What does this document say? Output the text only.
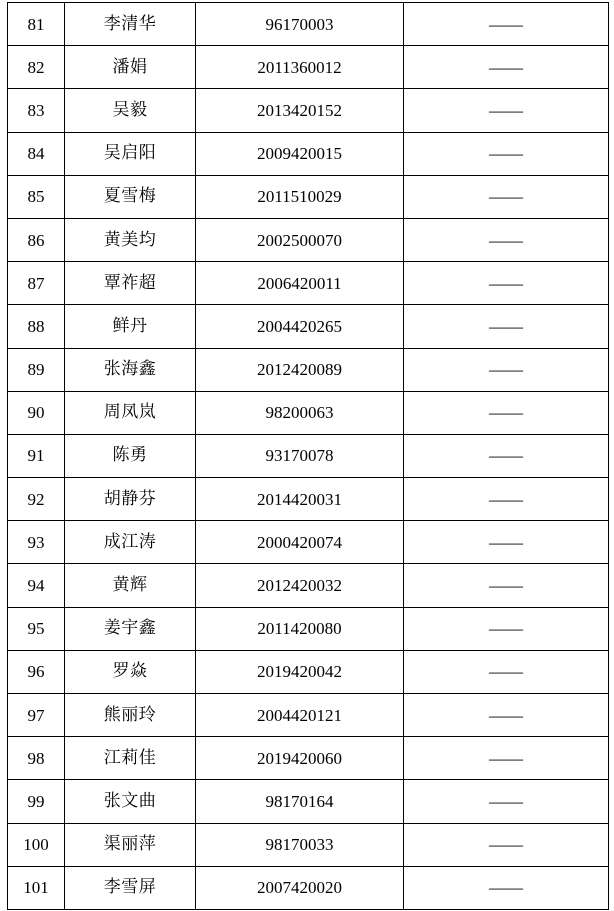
81	李清华	96170003	——
82	潘娟	2011360012	——
83	吴毅	2013420152	——
84	吴启阳	2009420015	——
85	夏雪梅	2011510029	——
86	黄美均	2002500070	——
87	覃祚超	2006420011	——
88	鲜丹	2004420265	——
89	张海鑫	2012420089	——
90	周凤岚	98200063	——
91	陈勇	93170078	——
92	胡静芬	2014420031	——
93	成江涛	2000420074	——
94	黄辉	2012420032	——
95	姜宇鑫	2011420080	——
96	罗焱	2019420042	——
97	熊丽玲	2004420121	——
98	江莉佳	2019420060	——
99	张文曲	98170164	——
100	渠丽萍	98170033	——
101	李雪屏	2007420020	——
